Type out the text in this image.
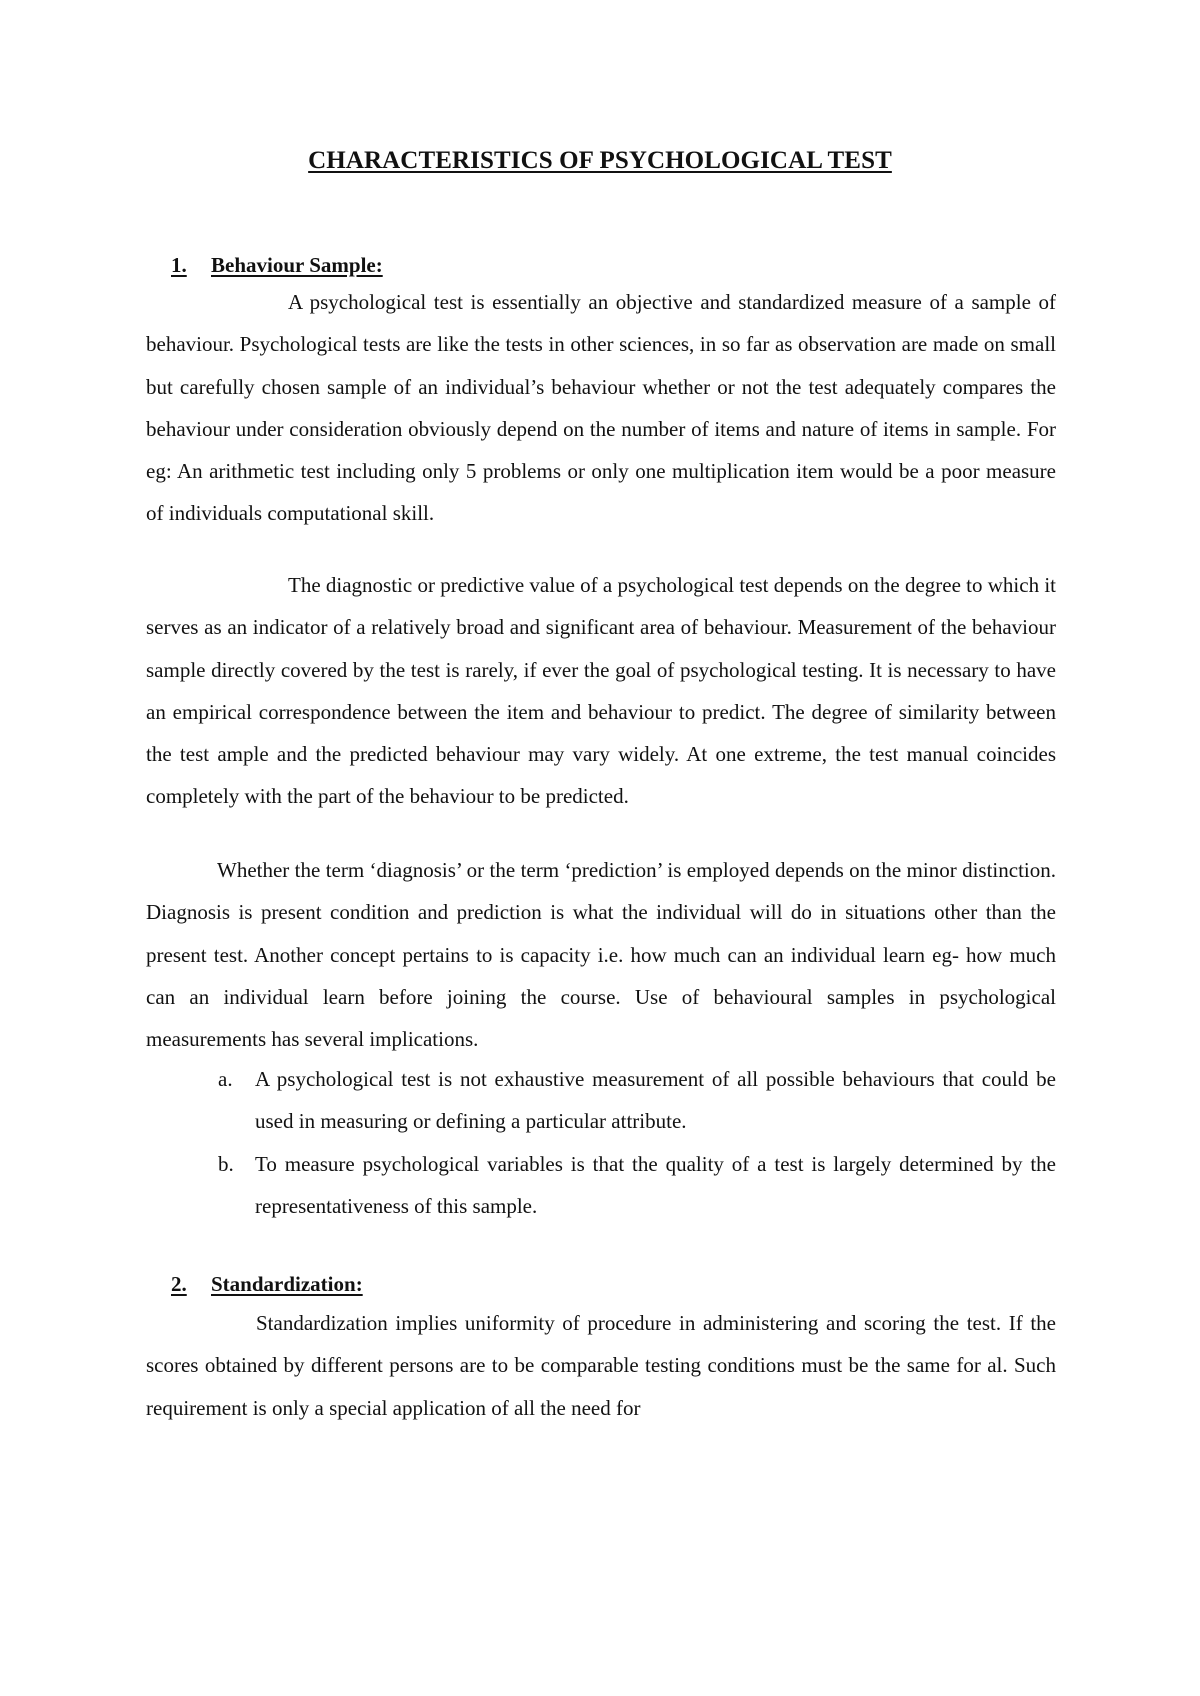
CHARACTERISTICS OF PSYCHOLOGICAL TEST
1. Behaviour Sample:

A psychological test is essentially an objective and standardized measure of a sample of behaviour. Psychological tests are like the tests in other sciences, in so far as observation are made on small but carefully chosen sample of an individual’s behaviour whether or not the test adequately compares the behaviour under consideration obviously depend on the number of items and nature of items in sample. For eg: An arithmetic test including only 5 problems or only one multiplication item would be a poor measure of individuals computational skill.

The diagnostic or predictive value of a psychological test depends on the degree to which it serves as an indicator of a relatively broad and significant area of behaviour. Measurement of the behaviour sample directly covered by the test is rarely, if ever the goal of psychological testing. It is necessary to have an empirical correspondence between the item and behaviour to predict. The degree of similarity between the test ample and the predicted behaviour may vary widely. At one extreme, the test manual coincides completely with the part of the behaviour to be predicted.

Whether the term ‘diagnosis’ or the term ‘prediction’ is employed depends on the minor distinction. Diagnosis is present condition and prediction is what the individual will do in situations other than the present test. Another concept pertains to is capacity i.e. how much can an individual learn eg- how much can an individual learn before joining the course. Use of behavioural samples in psychological measurements has several implications.

a. A psychological test is not exhaustive measurement of all possible behaviours that could be used in measuring or defining a particular attribute.
b. To measure psychological variables is that the quality of a test is largely determined by the representativeness of this sample.
2. Standardization:

Standardization implies uniformity of procedure in administering and scoring the test. If the scores obtained by different persons are to be comparable testing conditions must be the same for al. Such requirement is only a special application of all the need for
